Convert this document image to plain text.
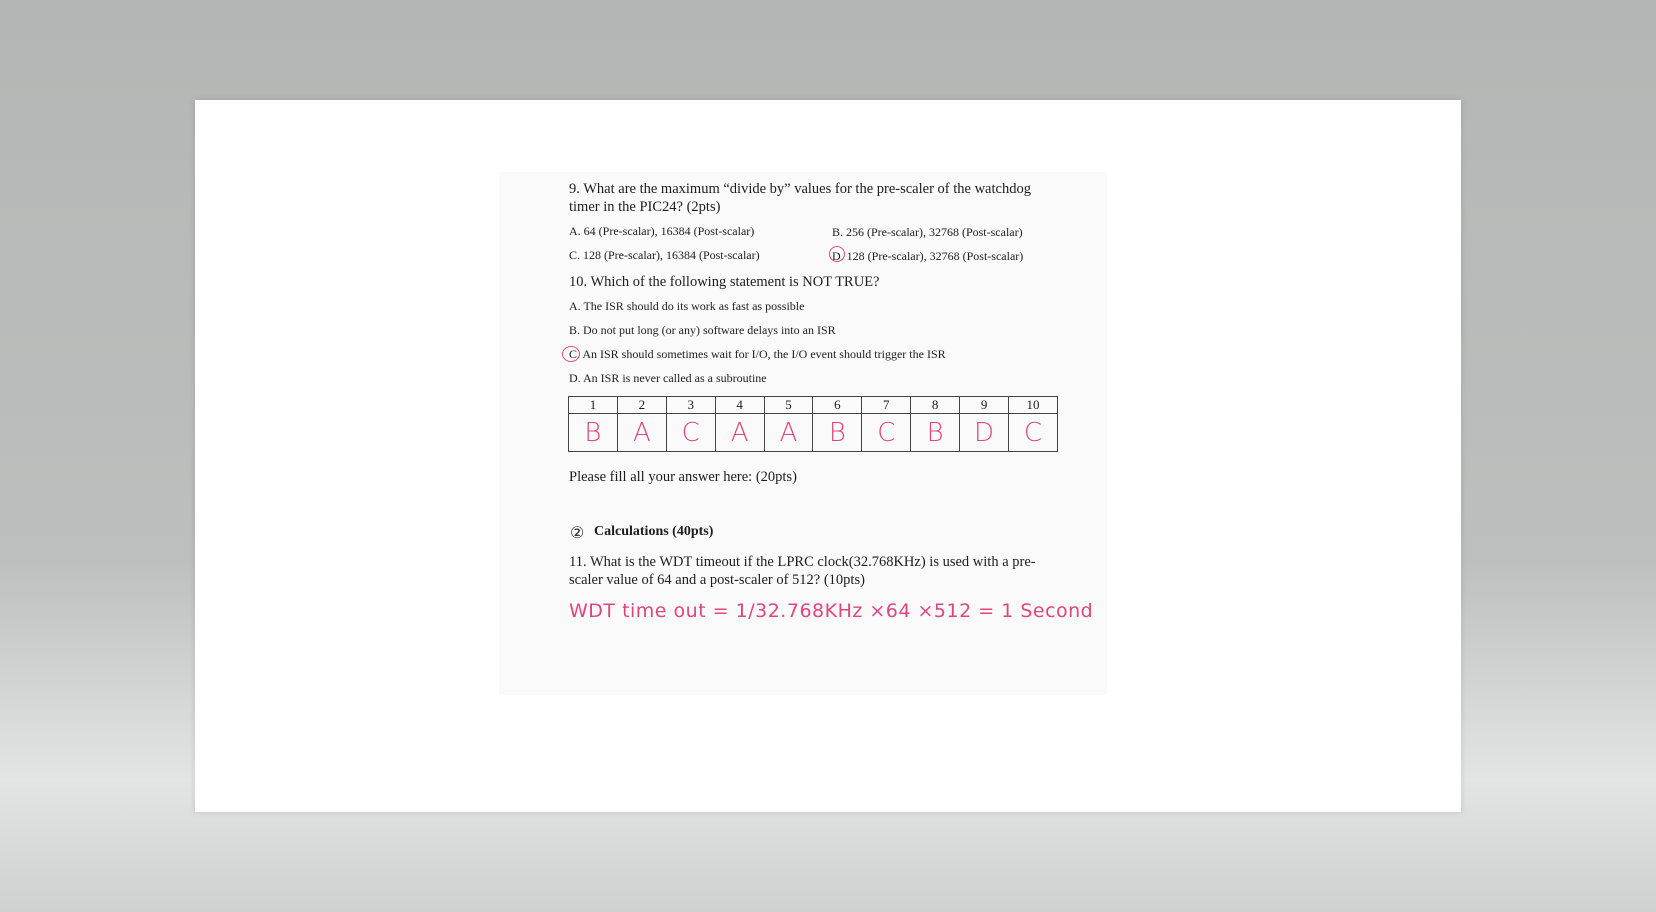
9. What are the maximum “divide by” values for the pre-scaler of the watchdog
timer in the PIC24? (2pts)
A. 64 (Pre-scalar), 16384 (Post-scalar)	B. 256 (Pre-scalar), 32768 (Post-scalar)
C. 128 (Pre-scalar), 16384 (Post-scalar)	D. 128 (Pre-scalar), 32768 (Post-scalar)
10. Which of the following statement is NOT TRUE?
A. The ISR should do its work as fast as possible
B. Do not put long (or any) software delays into an ISR
C. An ISR should sometimes wait for I/O, the I/O event should trigger the ISR
D. An ISR is never called as a subroutine
1	2	3	4	5	6	7	8	9	10
B	A	C	A	A	B	C	B	D	C
Please fill all your answer here: (20pts)
② Calculations (40pts)
11. What is the WDT timeout if the LPRC clock(32.768KHz) is used with a pre-
scaler value of 64 and a post-scaler of 512? (10pts)
WDT time out = 1/32.768KHz ×64 ×512 = 1 Second
